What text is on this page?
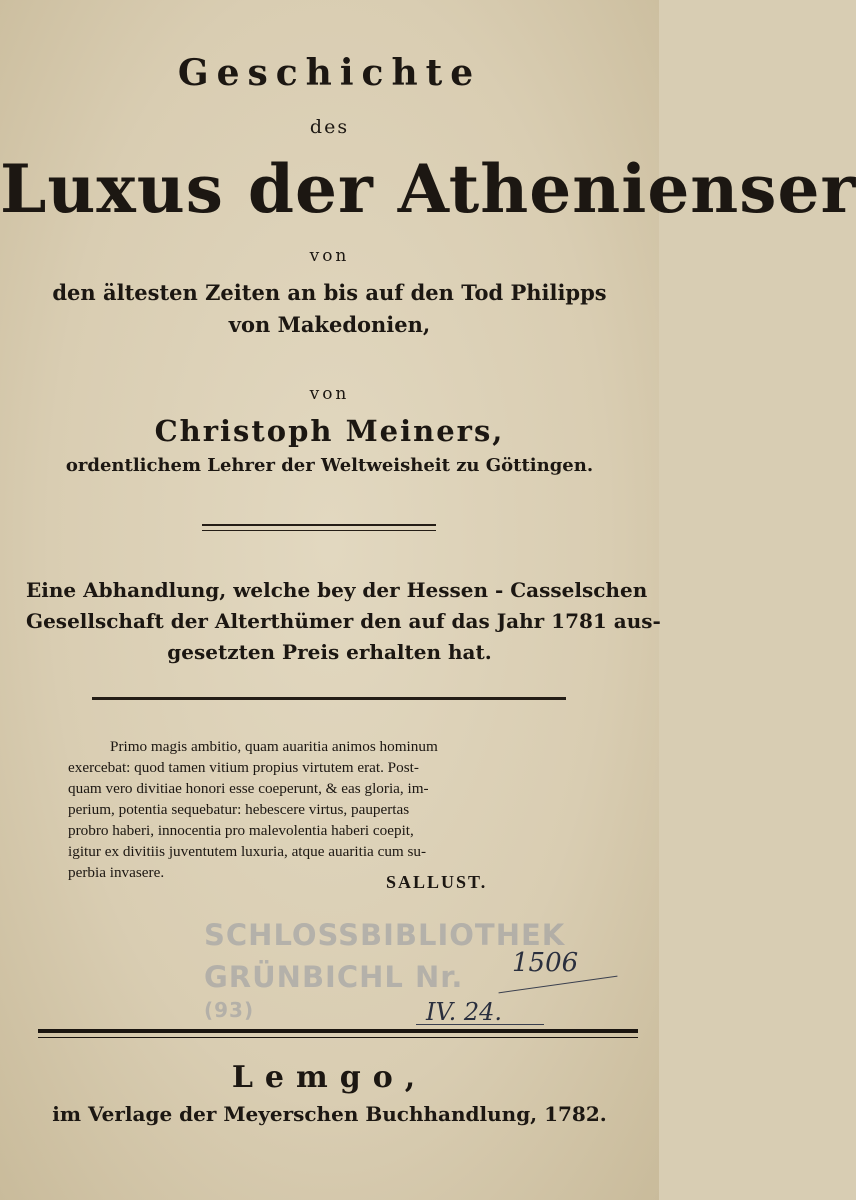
Geschichte
des
Luxus der Athenienser
von
den ältesten Zeiten an bis auf den Tod Philipps
von Makedonien,
von
Christoph Meiners,
ordentlichem Lehrer der Weltweisheit zu Göttingen.
Eine Abhandlung, welche bey der Hessen - Casselschen
Gesellschaft der Alterthümer den auf das Jahr 1781 aus-
gesetzten Preis erhalten hat.
Primo magis ambitio, quam auaritia animos hominum
exercebat: quod tamen vitium propius virtutem erat. Post-
quam vero divitiae honori esse coeperunt, & eas gloria, im-
perium, potentia sequebatur: hebescere virtus, paupertas
probro haberi, innocentia pro malevolentia haberi coepit,
igitur ex divitiis juventutem luxuria, atque auaritia cum su-
perbia invasere.	SALLUST.
SCHLOSSBIBLIOTHEK
GRÜNBICHL Nr.
(93)
1506
IV. 24.
Lemgo,
im Verlage der Meyerschen Buchhandlung, 1782.
